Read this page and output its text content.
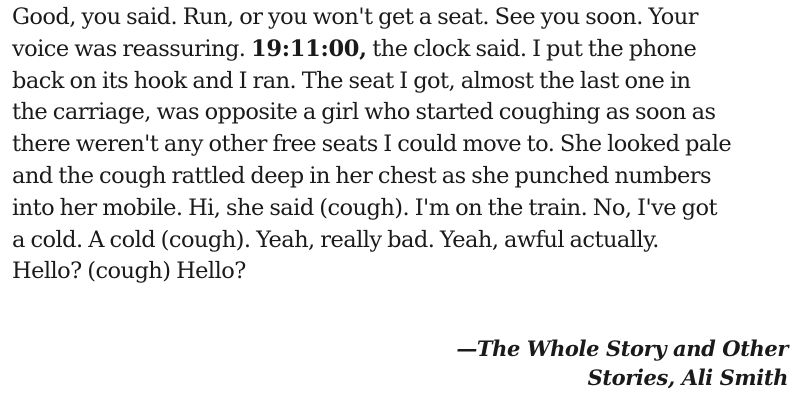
Good, you said. Run, or you won't get a seat. See you soon. Your
voice was reassuring. 19:11:00, the clock said. I put the phone
back on its hook and I ran. The seat I got, almost the last one in
the carriage, was opposite a girl who started coughing as soon as
there weren't any other free seats I could move to. She looked pale
and the cough rattled deep in her chest as she punched numbers
into her mobile. Hi, she said (cough). I'm on the train. No, I've got
a cold. A cold (cough). Yeah, really bad. Yeah, awful actually.
Hello? (cough) Hello?
—The Whole Story and Other
Stories, Ali Smith
